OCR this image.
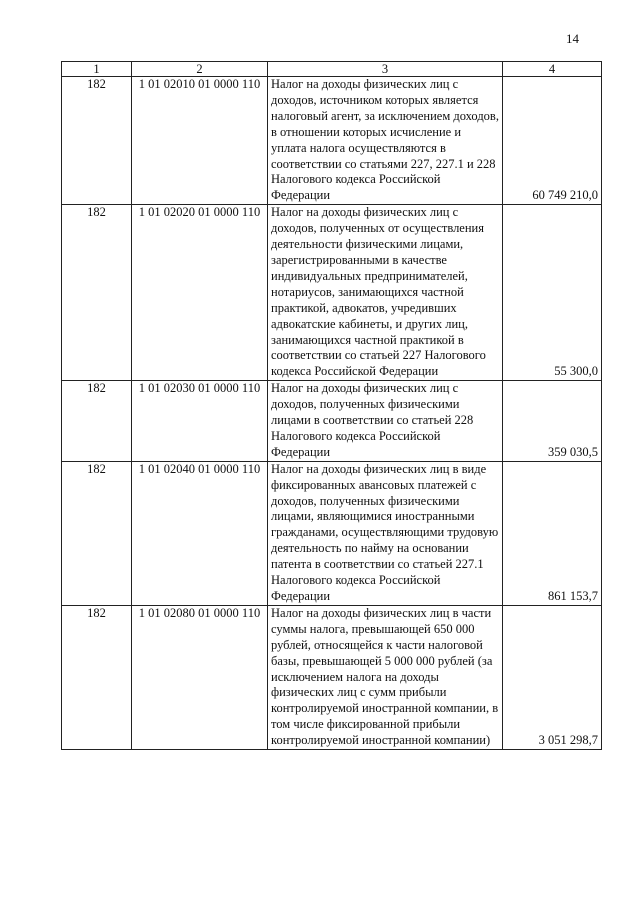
14
1	2	3	4
182	1 01 02010 01 0000 110	Налог на доходы физических лиц с доходов, источником которых является налоговый агент, за исключением доходов, в отношении которых исчисление и уплата налога осуществляются в соответствии со статьями 227, 227.1 и 228 Налогового кодекса Российской Федерации	60 749 210,0
182	1 01 02020 01 0000 110	Налог на доходы физических лиц с доходов, полученных от осуществления деятельности физическими лицами, зарегистрированными в качестве индивидуальных предпринимателей, нотариусов, занимающихся частной практикой, адвокатов, учредивших адвокатские кабинеты, и других лиц, занимающихся частной практикой в соответствии со статьей 227 Налогового кодекса Российской Федерации	55 300,0
182	1 01 02030 01 0000 110	Налог на доходы физических лиц с доходов, полученных физическими лицами в соответствии со статьей 228 Налогового кодекса Российской Федерации	359 030,5
182	1 01 02040 01 0000 110	Налог на доходы физических лиц в виде фиксированных авансовых платежей с доходов, полученных физическими лицами, являющимися иностранными гражданами, осуществляющими трудовую деятельность по найму на основании патента в соответствии со статьей 227.1 Налогового кодекса Российской Федерации	861 153,7
182	1 01 02080 01 0000 110	Налог на доходы физических лиц в части суммы налога, превышающей 650 000 рублей, относящейся к части налоговой базы, превышающей 5 000 000 рублей (за исключением налога на доходы физических лиц с сумм прибыли контролируемой иностранной компании, в том числе фиксированной прибыли контролируемой иностранной компании)	3 051 298,7
